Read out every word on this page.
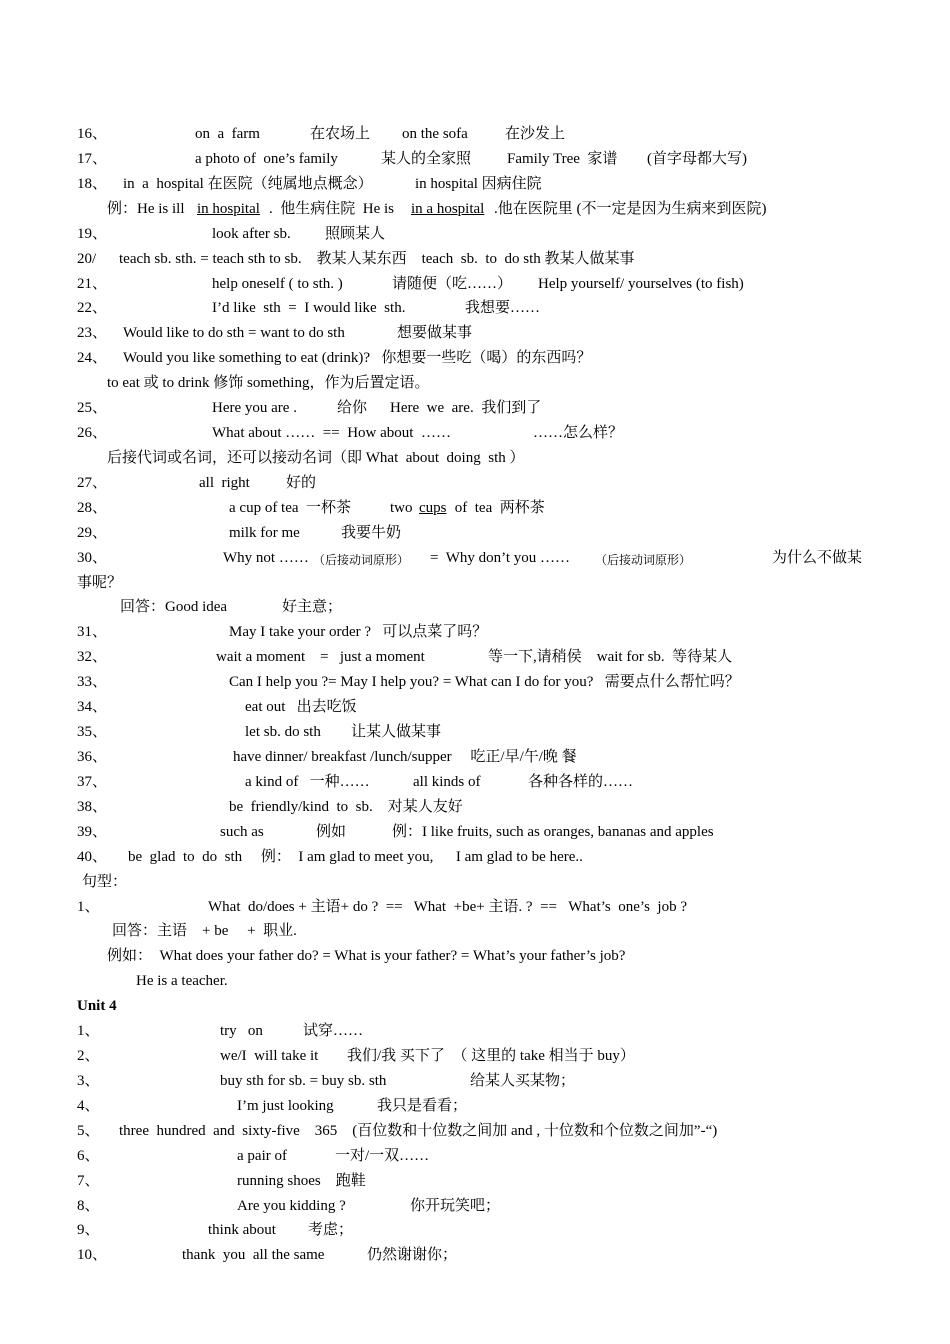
16、	on  a  farm	在农场上 on the sofa 在沙发上
17、	a photo of  one’s family	某人的全家照 Family Tree  家谱 (首字母都大写)
18、 in  a  hospital 在医院（纯属地点概念）	in hospital 因病住院
例：He is ill in hospital .  他生病住院  He is in a hospital .他在医院里 (不一定是因为生病来到医院)
19、	look after sb. 照顾某人
20/ teach sb. sth. = teach sth to sb.    教某人某东西    teach  sb.  to  do sth 教某人做某事
21、	help oneself ( to sth. )	请随便（吃……） Help yourself/ yourselves (to fish)
22、	I’d like  sth  =  I would like  sth.	我想要……
23、 Would like to do sth = want to do sth	想要做某事
24、 Would you like something to eat (drink)?   你想要一些吃（喝）的东西吗？
to eat 或 to drink 修饰 something，作为后置定语。
25、	Here you are .	给你 Here  we  are.  我们到了
26、	What about ……  ==  How about  ……	……怎么样？
后接代词或名词，还可以接动名词（即 What  about  doing  sth ）
27、	all  right 好的
28、	a cup of tea  一杯茶	two cups of  tea  两杯茶
29、	milk for me	我要牛奶
30、	Why not …… （后接动词原形） =  Why don’t you …… （后接动词原形）	为什么不做某
事呢？
回答：Good idea	好主意；
31、	May I take your order ?   可以点菜了吗？
32、	wait a moment    =   just a moment	等一下,请稍侯    wait for sb.  等待某人
33、	Can I help you ?= May I help you? = What can I do for you?   需要点什么帮忙吗？
34、	eat out   出去吃饭
35、	let sb. do sth 让某人做某事
36、	have dinner/ breakfast /lunch/supper     吃正/早/午/晚 餐
37、	a kind of   一种……	all kinds of	各种各样的……
38、	be  friendly/kind  to  sb.    对某人友好
39、	such as	例如	例：I like fruits, such as oranges, bananas and apples
40、 be  glad  to  do  sth     例：  I am glad to meet you,      I am glad to be here..
句型：
1、	What  do/does + 主语+ do ?  ==   What  +be+ 主语. ?  ==   What’s  one’s  job ?
回答：主语    + be     +  职业.
例如：  What does your father do? = What is your father? = What’s your father’s job?
He is a teacher.
Unit 4
1、	try   on	试穿……
2、	we/I  will take it 我们/我 买下了  （ 这里的 take 相当于 buy）
3、	buy sth for sb. = buy sb. sth	给某人买某物；
4、	I’m just looking	我只是看看；
5、 three  hundred  and  sixty-five    365    (百位数和十位数之间加 and , 十位数和个位数之间加”-“)
6、	a pair of	一对/一双……
7、	running shoes    跑鞋
8、	Are you kidding ?	你开玩笑吧；
9、	think about 考虑；
10、	thank  you  all the same	仍然谢谢你；
